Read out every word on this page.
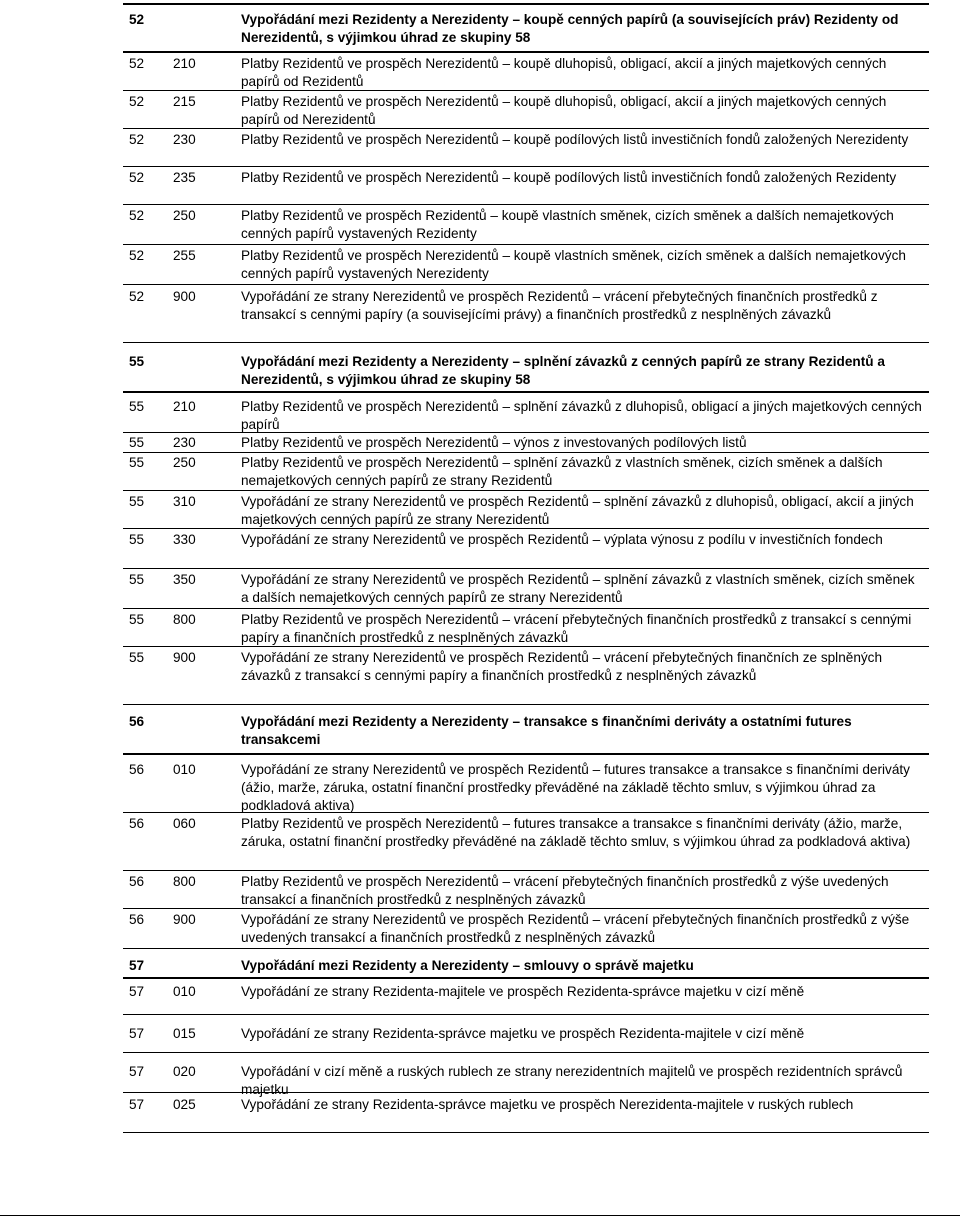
52	Vypořádání mezi Rezidenty a Nerezidenty – koupě cenných papírů (a souvisejících práv) Rezidenty od Nerezidentů, s výjimkou úhrad ze skupiny 58
52 210	Platby Rezidentů ve prospěch Nerezidentů – koupě dluhopisů, obligací, akcií a jiných majetkových cenných papírů od Rezidentů
52 215	Platby Rezidentů ve prospěch Nerezidentů – koupě dluhopisů, obligací, akcií a jiných majetkových cenných papírů od Nerezidentů
52 230	Platby Rezidentů ve prospěch Nerezidentů – koupě podílových listů investičních fondů založených Nerezidenty
52 235	Platby Rezidentů ve prospěch Nerezidentů – koupě podílových listů investičních fondů založených Rezidenty
52 250	Platby Rezidentů ve prospěch Rezidentů – koupě vlastních směnek, cizích směnek a dalších nemajetkových cenných papírů vystavených Rezidenty
52 255	Platby Rezidentů ve prospěch Nerezidentů – koupě vlastních směnek, cizích směnek a dalších nemajetkových cenných papírů vystavených Nerezidenty
52 900	Vypořádání ze strany Nerezidentů ve prospěch Rezidentů – vrácení přebytečných finančních prostředků z transakcí s cennými papíry (a souvisejícími právy) a finančních prostředků z nesplněných závazků
55	Vypořádání mezi Rezidenty a Nerezidenty – splnění závazků z cenných papírů ze strany Rezidentů a Nerezidentů, s výjimkou úhrad ze skupiny 58
55 210	Platby Rezidentů ve prospěch Nerezidentů – splnění závazků z dluhopisů, obligací a jiných majetkových cenných papírů
55 230	Platby Rezidentů ve prospěch Nerezidentů – výnos z investovaných podílových listů
55 250	Platby Rezidentů ve prospěch Nerezidentů – splnění závazků z vlastních směnek, cizích směnek a dalších nemajetkových cenných papírů ze strany Rezidentů
55 310	Vypořádání ze strany Nerezidentů ve prospěch Rezidentů – splnění závazků z dluhopisů, obligací, akcií a jiných majetkových cenných papírů ze strany Nerezidentů
55 330	Vypořádání ze strany Nerezidentů ve prospěch Rezidentů – výplata výnosu z podílu v investičních fondech
55 350	Vypořádání ze strany Nerezidentů ve prospěch Rezidentů – splnění závazků z vlastních směnek, cizích směnek a dalších nemajetkových cenných papírů ze strany Nerezidentů
55 800	Platby Rezidentů ve prospěch Nerezidentů – vrácení přebytečných finančních prostředků z transakcí s cennými papíry a finančních prostředků z nesplněných závazků
55 900	Vypořádání ze strany Nerezidentů ve prospěch Rezidentů – vrácení přebytečných finančních ze splněných závazků z transakcí s cennými papíry a finančních prostředků z nesplněných závazků
56	Vypořádání mezi Rezidenty a Nerezidenty – transakce s finančními deriváty a ostatními futures transakcemi
56 010	Vypořádání ze strany Nerezidentů ve prospěch Rezidentů – futures transakce a transakce s finančními deriváty (ážio, marže, záruka, ostatní finanční prostředky převáděné na základě těchto smluv, s výjimkou úhrad za podkladová aktiva)
56 060	Platby Rezidentů ve prospěch Nerezidentů – futures transakce a transakce s finančními deriváty (ážio, marže, záruka, ostatní finanční prostředky převáděné na základě těchto smluv, s výjimkou úhrad za podkladová aktiva)
56 800	Platby Rezidentů ve prospěch Nerezidentů – vrácení přebytečných finančních prostředků z výše uvedených transakcí a finančních prostředků z nesplněných závazků
56 900	Vypořádání ze strany Nerezidentů ve prospěch Rezidentů – vrácení přebytečných finančních prostředků z výše uvedených transakcí a finančních prostředků z nesplněných závazků
57	Vypořádání mezi Rezidenty a Nerezidenty – smlouvy o správě majetku
57 010	Vypořádání ze strany Rezidenta-majitele ve prospěch Rezidenta-správce majetku v cizí měně
57 015	Vypořádání ze strany Rezidenta-správce majetku ve prospěch Rezidenta-majitele v cizí měně
57 020	Vypořádání v cizí měně a ruských rublech ze strany nerezidentních majitelů ve prospěch rezidentních správců majetku
57 025	Vypořádání ze strany Rezidenta-správce majetku ve prospěch Nerezidenta-majitele v ruských rublech
